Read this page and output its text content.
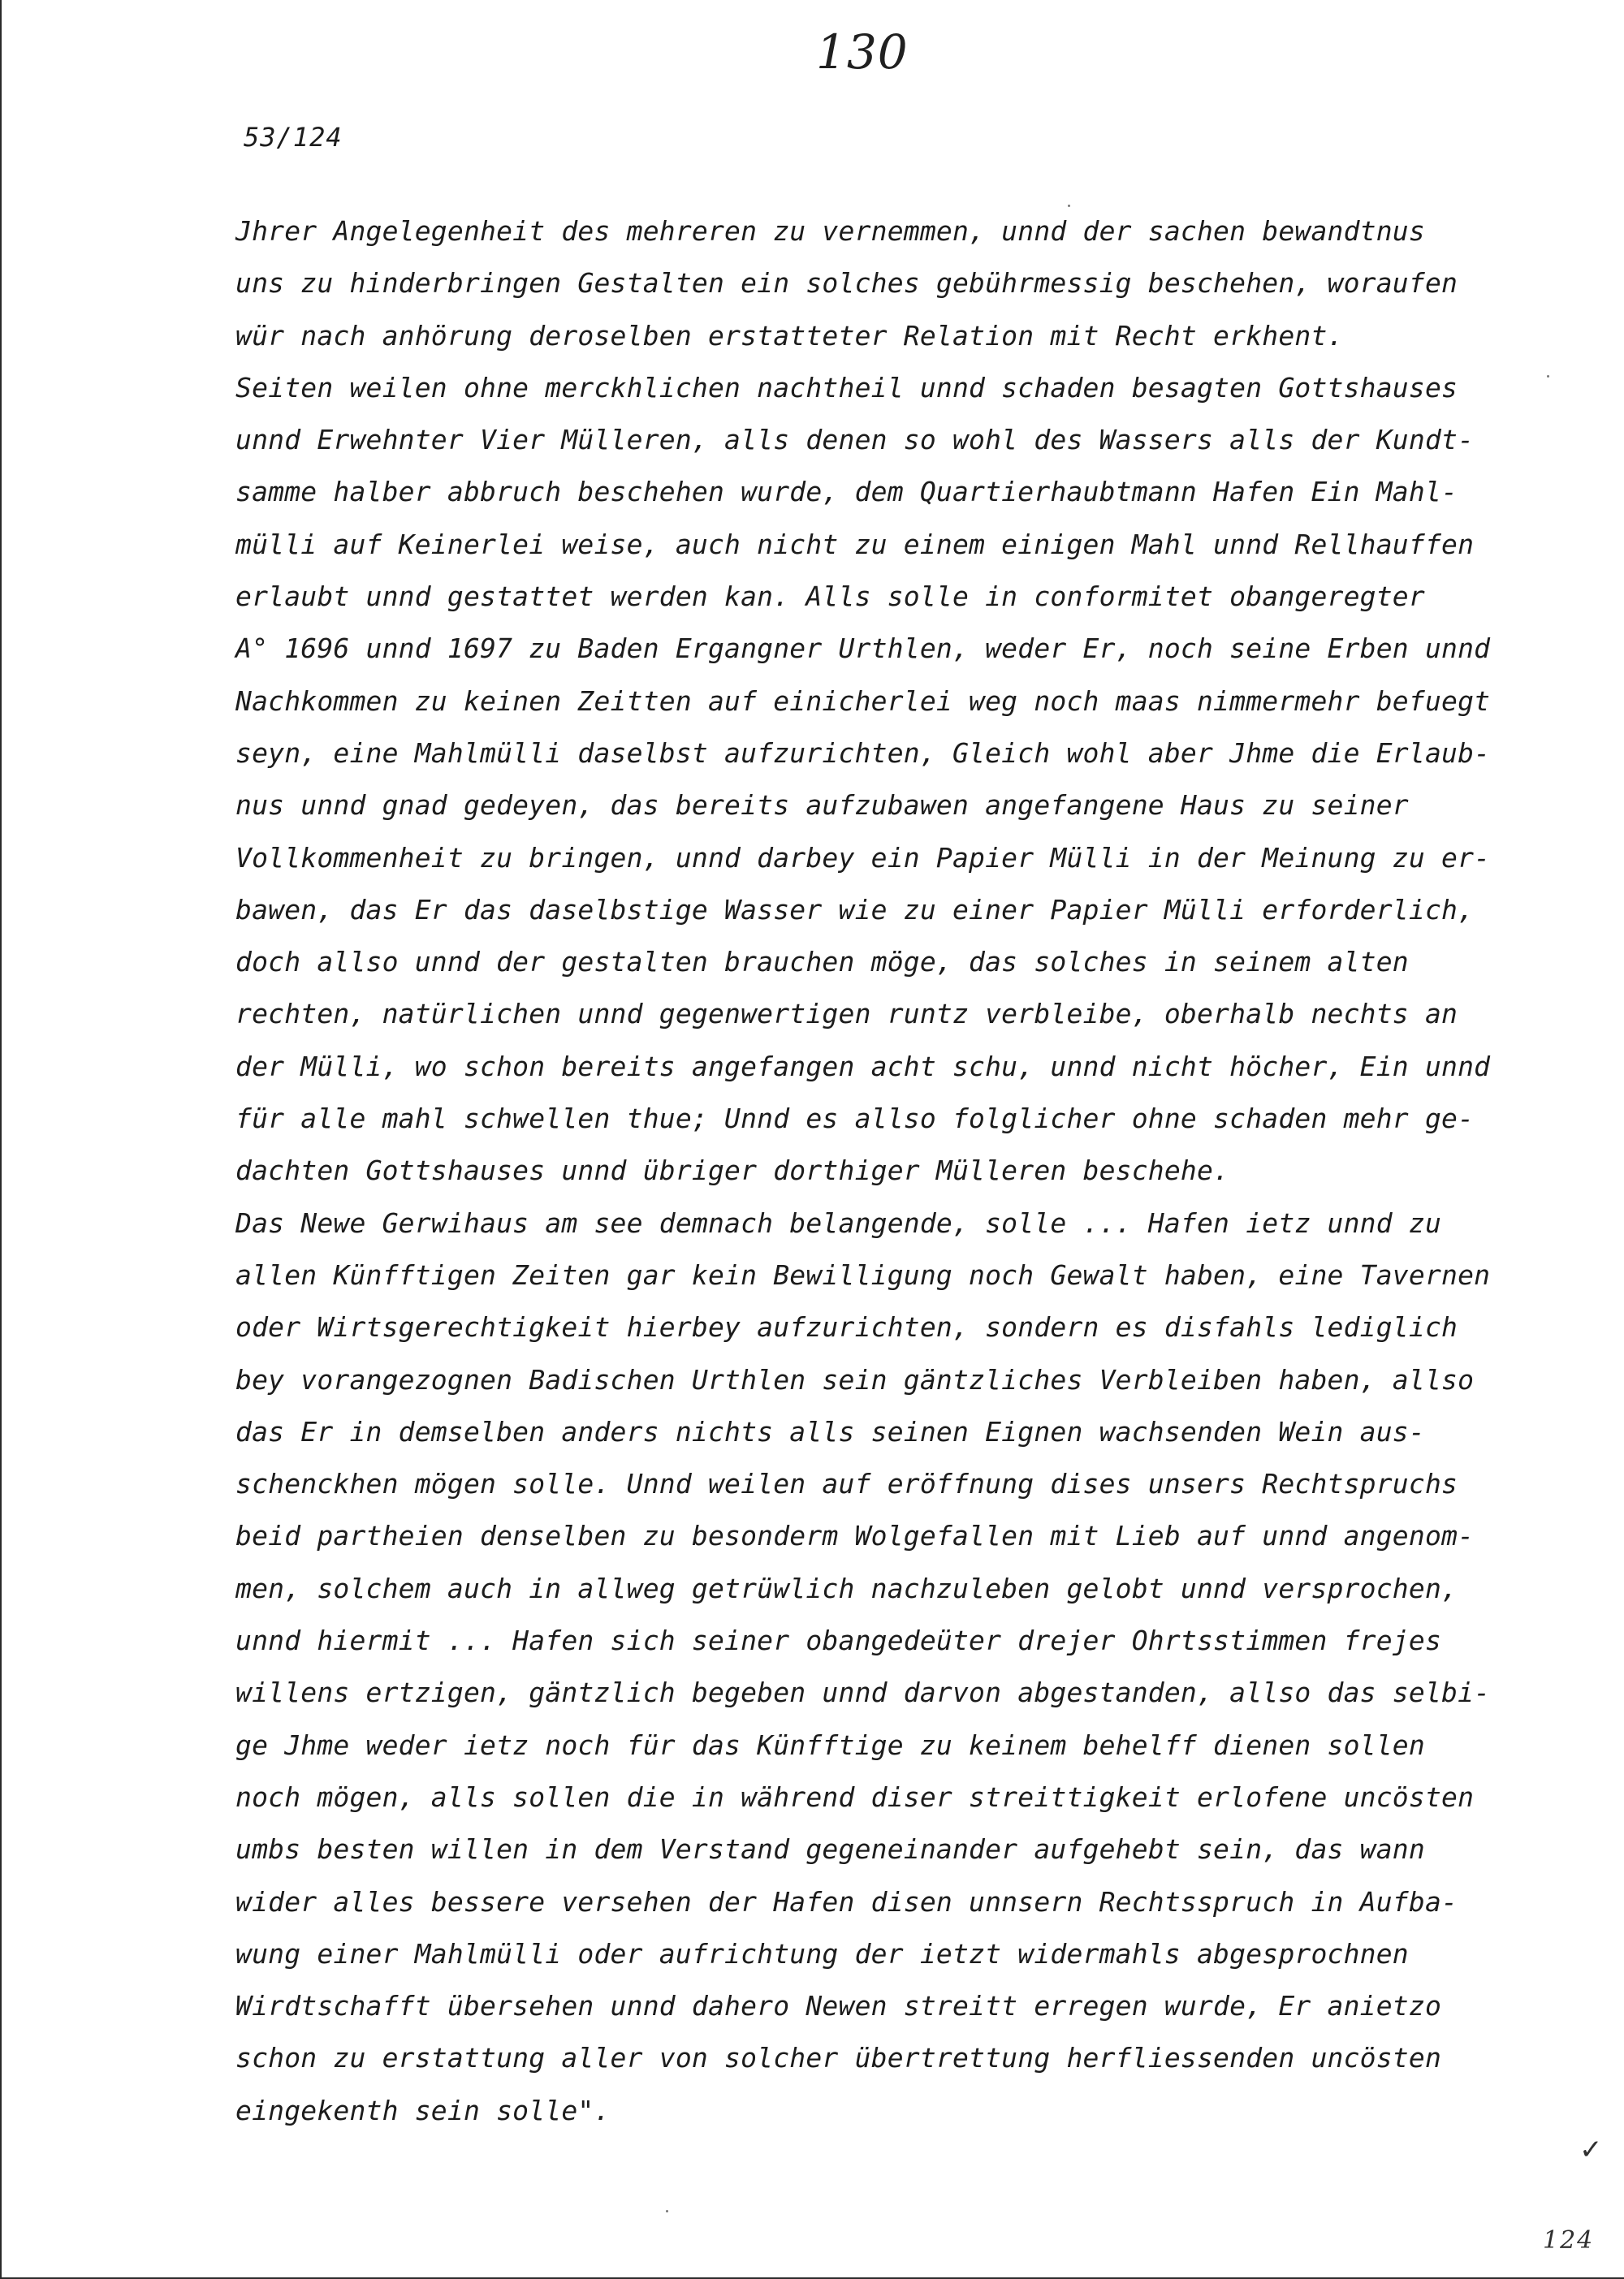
130
53/124
Jhrer Angelegenheit des mehreren zu vernemmen, unnd der sachen bewandtnus
uns zu hinderbringen Gestalten ein solches gebührmessig beschehen, woraufen
wür nach anhörung deroselben erstatteter Relation mit Recht erkhent.
Seiten weilen ohne merckhlichen nachtheil unnd schaden besagten Gottshauses
unnd Erwehnter Vier Mülleren, alls denen so wohl des Wassers alls der Kundt-
samme halber abbruch beschehen wurde, dem Quartierhaubtmann Hafen Ein Mahl-
mülli auf Keinerlei weise, auch nicht zu einem einigen Mahl unnd Rellhauffen
erlaubt unnd gestattet werden kan. Alls solle in conformitet obangeregter
A° 1696 unnd 1697 zu Baden Ergangner Urthlen, weder Er, noch seine Erben unnd
Nachkommen zu keinen Zeitten auf einicherlei weg noch maas nimmermehr befuegt
seyn, eine Mahlmülli daselbst aufzurichten, Gleich wohl aber Jhme die Erlaub-
nus unnd gnad gedeyen, das bereits aufzubawen angefangene Haus zu seiner
Vollkommenheit zu bringen, unnd darbey ein Papier Mülli in der Meinung zu er-
bawen, das Er das daselbstige Wasser wie zu einer Papier Mülli erforderlich,
doch allso unnd der gestalten brauchen möge, das solches in seinem alten
rechten, natürlichen unnd gegenwertigen runtz verbleibe, oberhalb nechts an
der Mülli, wo schon bereits angefangen acht schu, unnd nicht höcher, Ein unnd
für alle mahl schwellen thue; Unnd es allso folglicher ohne schaden mehr ge-
dachten Gottshauses unnd übriger dorthiger Mülleren beschehe.
Das Newe Gerwihaus am see demnach belangende, solle ... Hafen ietz unnd zu
allen Künfftigen Zeiten gar kein Bewilligung noch Gewalt haben, eine Tavernen
oder Wirtsgerechtigkeit hierbey aufzurichten, sondern es disfahls lediglich
bey vorangezognen Badischen Urthlen sein gäntzliches Verbleiben haben, allso
das Er in demselben anders nichts alls seinen Eignen wachsenden Wein aus-
schenckhen mögen solle. Unnd weilen auf eröffnung dises unsers Rechtspruchs
beid partheien denselben zu besonderm Wolgefallen mit Lieb auf unnd angenom-
men, solchem auch in allweg getrüwlich nachzuleben gelobt unnd versprochen,
unnd hiermit ... Hafen sich seiner obangedeüter drejer Ohrtsstimmen frejes
willens ertzigen, gäntzlich begeben unnd darvon abgestanden, allso das selbi-
ge Jhme weder ietz noch für das Künfftige zu keinem behelff dienen sollen
noch mögen, alls sollen die in während diser streittigkeit erlofene uncösten
umbs besten willen in dem Verstand gegeneinander aufgehebt sein, das wann
wider alles bessere versehen der Hafen disen unnsern Rechtsspruch in Aufba-
wung einer Mahlmülli oder aufrichtung der ietzt widermahls abgesprochnen
Wirdtschafft übersehen unnd dahero Newen streitt erregen wurde, Er anietzo
schon zu erstattung aller von solcher übertrettung herfliessenden uncösten
eingekenth sein solle".
✓
124
